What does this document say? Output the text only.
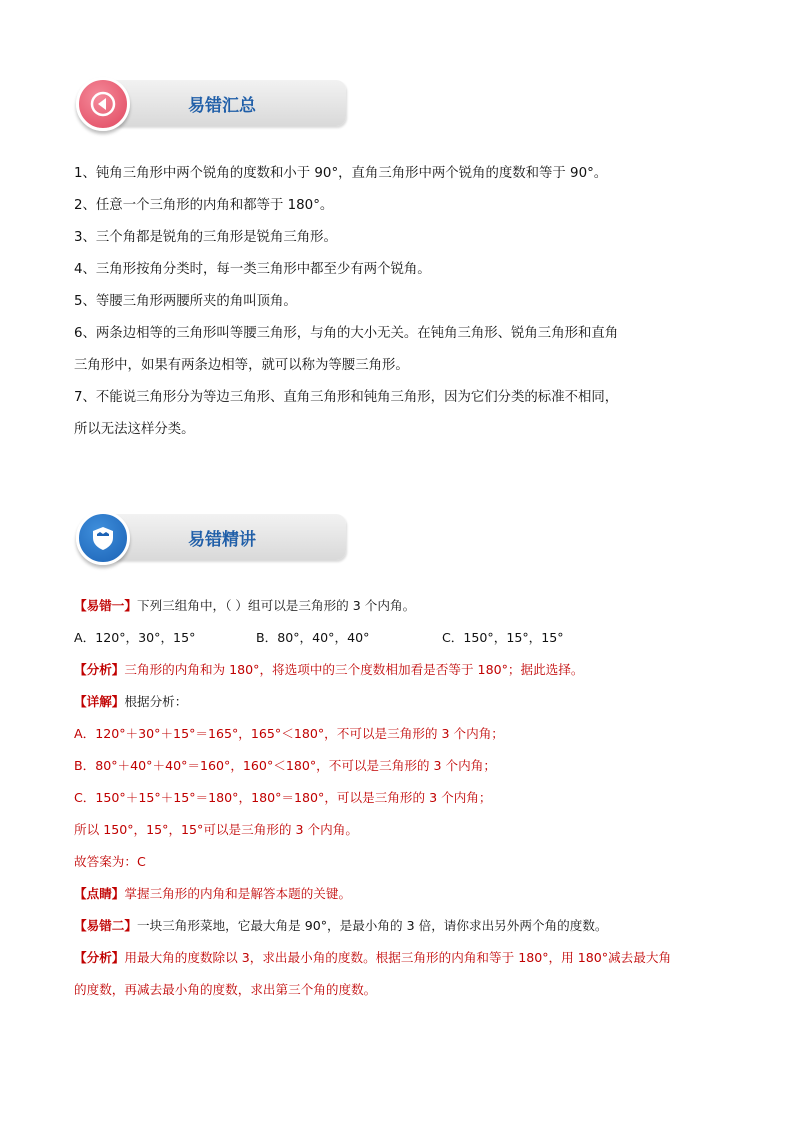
易错汇总

1、钝角三角形中两个锐角的度数和小于 90°，直角三角形中两个锐角的度数和等于 90°。

2、任意一个三角形的内角和都等于 180°。

3、三个角都是锐角的三角形是锐角三角形。

4、三角形按角分类时，每一类三角形中都至少有两个锐角。

5、等腰三角形两腰所夹的角叫顶角。

6、两条边相等的三角形叫等腰三角形，与角的大小无关。在钝角三角形、锐角三角形和直角

三角形中，如果有两条边相等，就可以称为等腰三角形。

7、不能说三角形分为等边三角形、直角三角形和钝角三角形，因为它们分类的标准不相同，

所以无法这样分类。

易错精讲

【易错一】下列三组角中，（ ）组可以是三角形的 3 个内角。

A．120°，30°，15°	B．80°，40°，40°	C．150°，15°，15°

【分析】三角形的内角和为 180°，将选项中的三个度数相加看是否等于 180°；据此选择。

【详解】根据分析：

A．120°＋30°＋15°＝165°，165°＜180°，不可以是三角形的 3 个内角；

B．80°＋40°＋40°＝160°，160°＜180°，不可以是三角形的 3 个内角；

C．150°＋15°＋15°＝180°，180°＝180°，可以是三角形的 3 个内角；

所以 150°，15°，15°可以是三角形的 3 个内角。

故答案为：C

【点睛】掌握三角形的内角和是解答本题的关键。

【易错二】一块三角形菜地，它最大角是 90°，是最小角的 3 倍，请你求出另外两个角的度数。

【分析】用最大角的度数除以 3，求出最小角的度数。根据三角形的内角和等于 180°，用 180°减去最大角

的度数，再减去最小角的度数，求出第三个角的度数。
